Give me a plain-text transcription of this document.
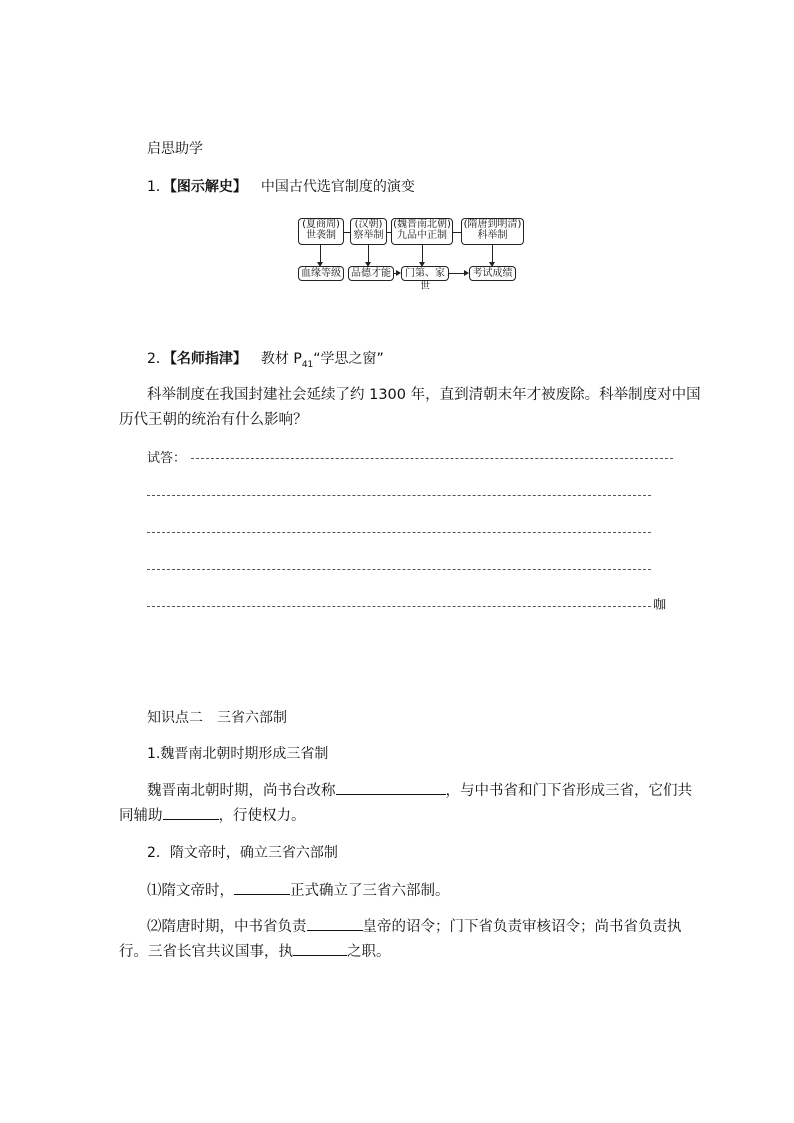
启思助学
1．【图示解史】 中国古代选官制度的演变
(夏商周)
世袭制
(汉朝)
察举制
(魏晋南北朝)
九品中正制
(隋唐到明清)
科举制
血缘等级	品德才能	门第、家世
考试成绩
2．【名师指津】 教材 $P_{41}“$学思之窗”
科举制度在我国封建社会延续了约 1300 年，直到清朝末年才被废除。科举制度对中国
历代王朝的统治有什么影响？
试答：
咖
知识点二　三省六部制
1.魏晋南北朝时期形成三省制
魏晋南北朝时期，尚书台改称	，与中书省和门下省形成三省，它们共
同辅助	，行使权力。
2．隋文帝时，确立三省六部制
⑴隋文帝时，	正式确立了三省六部制。
⑵隋唐时期，中书省负责	皇帝的诏令；门下省负责审核诏令；尚书省负责执
行。三省长官共议国事，执	之职。
